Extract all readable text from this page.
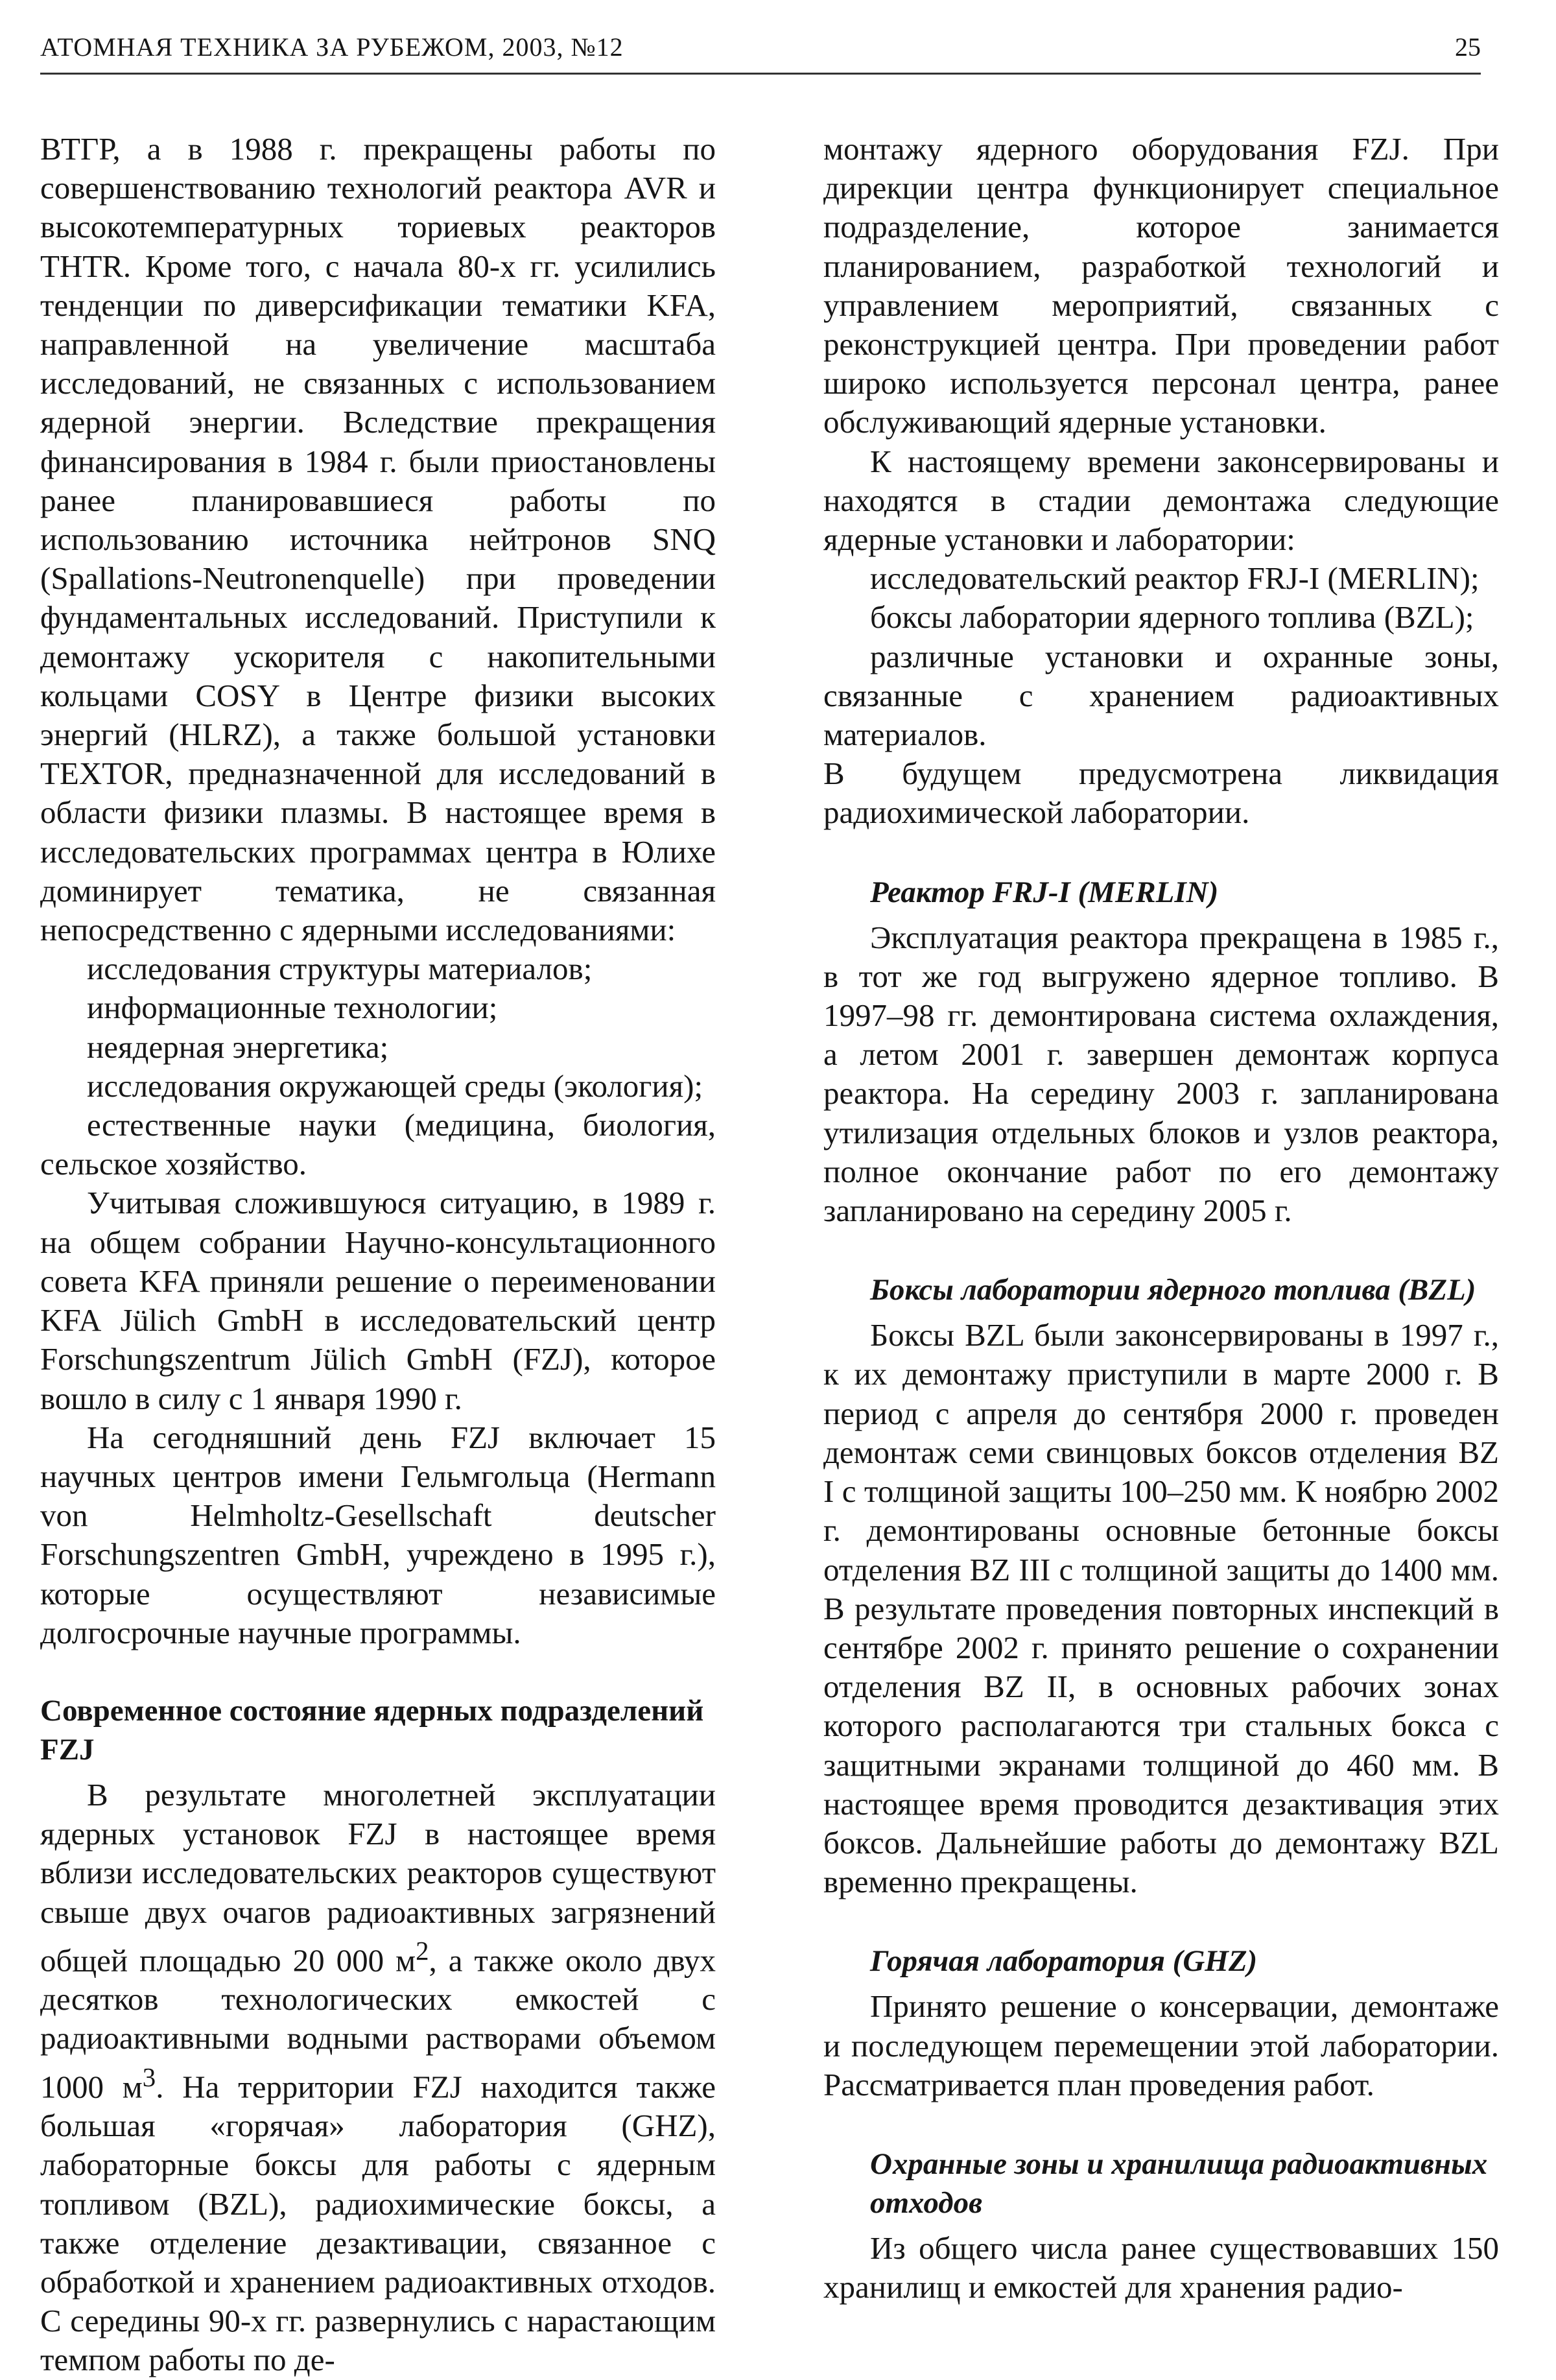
АТОМНАЯ ТЕХНИКА ЗА РУБЕЖОМ, 2003, №12	25

ВТГР, а в 1988 г. прекращены работы по совершенствованию технологий реактора AVR и высокотемпературных ториевых реакторов THTR. Кроме того, с начала 80-х гг. усилились тенденции по диверсификации тематики KFA, направленной на увеличение масштаба исследований, не связанных с использованием ядерной энергии. Вследствие прекращения финансирования в 1984 г. были приостановлены ранее планировавшиеся работы по использованию источника нейтронов SNQ (Spallations-Neutronenquelle) при проведении фундаментальных исследований. Приступили к демонтажу ускорителя с накопительными кольцами COSY в Центре физики высоких энергий (HLRZ), а также большой установки TEXTOR, предназначенной для исследований в области физики плазмы. В настоящее время в исследовательских программах центра в Юлихе доминирует тематика, не связанная непосредственно с ядерными исследованиями:

исследования структуры материалов;

информационные технологии;

неядерная энергетика;

исследования окружающей среды (экология);

естественные науки (медицина, биология, сельское хозяйство.

Учитывая сложившуюся ситуацию, в 1989 г. на общем собрании Научно-консультационного совета KFA приняли решение о переименовании KFA Jülich GmbH в исследовательский центр Forschungszentrum Jülich GmbH (FZJ), которое вошло в силу с 1 января 1990 г.

На сегодняшний день FZJ включает 15 научных центров имени Гельмгольца (Hermann von Helmholtz-Gesellschaft deutscher Forschungszentren GmbH, учреждено в 1995 г.), которые осуществляют независимые долгосрочные научные программы.

Современное состояние ядерных подразделений FZJ

В результате многолетней эксплуатации ядерных установок FZJ в настоящее время вблизи исследовательских реакторов существуют свыше двух очагов радиоактивных загрязнений общей площадью 20 000 $м^2$, а также около двух десятков технологических емкостей с радиоактивными водными растворами объемом 1000 $м^3$. На территории FZJ находится также большая «горячая» лаборатория (GHZ), лабораторные боксы для работы с ядерным топливом (BZL), радиохимические боксы, а также отделение дезактивации, связанное с обработкой и хранением радиоактивных отходов. С середины 90-х гг. развернулись с нарастающим темпом работы по де-

монтажу ядерного оборудования FZJ. При дирекции центра функционирует специальное подразделение, которое занимается планированием, разработкой технологий и управлением мероприятий, связанных с реконструкцией центра. При проведении работ широко используется персонал центра, ранее обслуживающий ядерные установки.

К настоящему времени законсервированы и находятся в стадии демонтажа следующие ядерные установки и лаборатории:

исследовательский реактор FRJ-I (MERLIN);

боксы лаборатории ядерного топлива (BZL);

различные установки и охранные зоны, связанные с хранением радиоактивных материалов.

В будущем предусмотрена ликвидация радиохимической лаборатории.

Реактор FRJ-I (MERLIN)

Эксплуатация реактора прекращена в 1985 г., в тот же год выгружено ядерное топливо. В 1997–98 гг. демонтирована система охлаждения, а летом 2001 г. завершен демонтаж корпуса реактора. На середину 2003 г. запланирована утилизация отдельных блоков и узлов реактора, полное окончание работ по его демонтажу запланировано на середину 2005 г.

Боксы лаборатории ядерного топлива (BZL)

Боксы BZL были законсервированы в 1997 г., к их демонтажу приступили в марте 2000 г. В период с апреля до сентября 2000 г. проведен демонтаж семи свинцовых боксов отделения BZ I с толщиной защиты 100–250 мм. К ноябрю 2002 г. демонтированы основные бетонные боксы отделения BZ III с толщиной защиты до 1400 мм. В результате проведения повторных инспекций в сентябре 2002 г. принято решение о сохранении отделения BZ II, в основных рабочих зонах которого располагаются три стальных бокса с защитными экранами толщиной до 460 мм. В настоящее время проводится дезактивация этих боксов. Дальнейшие работы до демонтажу BZL временно прекращены.

Горячая лаборатория (GHZ)

Принято решение о консервации, демонтаже и последующем перемещении этой лаборатории. Рассматривается план проведения работ.

Охранные зоны и хранилища радиоактивных отходов

Из общего числа ранее существовавших 150 хранилищ и емкостей для хранения радио-
